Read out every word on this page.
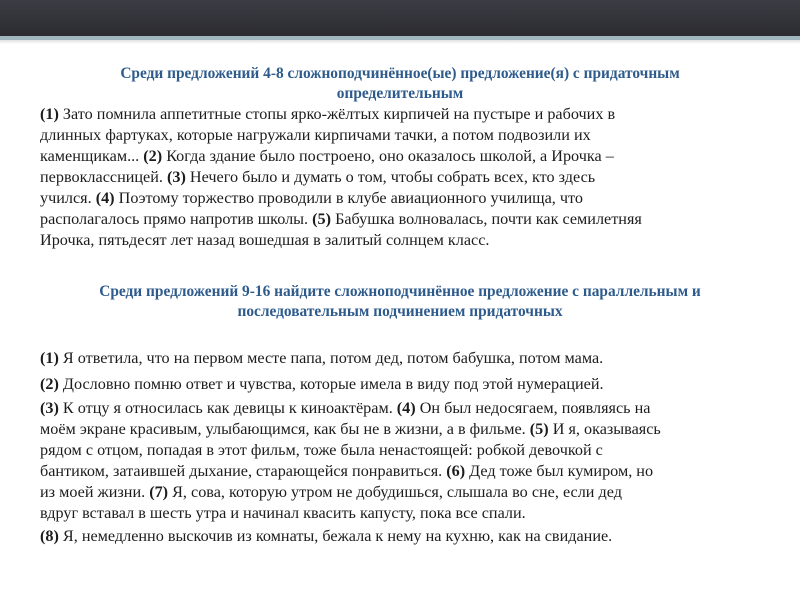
Среди предложений 4-8 сложноподчинённое(ые) предложение(я) с придаточным
определительным
(1) Зато помнила аппетитные стопы ярко-жёлтых кирпичей на пустыре и рабочих в
длинных фартуках, которые нагружали кирпичами тачки, а потом подвозили их
каменщикам... (2) Когда здание было построено, оно оказалось школой, а Ирочка –
первоклассницей. (3) Нечего было и думать о том, чтобы собрать всех, кто здесь
учился. (4) Поэтому торжество проводили в клубе авиационного училища, что
располагалось прямо напротив школы. (5) Бабушка волновалась, почти как семилетняя
Ирочка, пятьдесят лет назад вошедшая в залитый солнцем класс.
Среди предложений 9-16 найдите сложноподчинённое предложение с параллельным и
последовательным подчинением придаточных
(1) Я ответила, что на первом месте папа, потом дед, потом бабушка, потом мама.
(2) Дословно помню ответ и чувства, которые имела в виду под этой нумерацией.
(3) К отцу я относилась как девицы к киноактёрам. (4) Он был недосягаем, появляясь на
моём экране красивым, улыбающимся, как бы не в жизни, а в фильме. (5) И я, оказываясь
рядом с отцом, попадая в этот фильм, тоже была ненастоящей: робкой девочкой с
бантиком, затаившей дыхание, старающейся понравиться. (6) Дед тоже был кумиром, но
из моей жизни. (7) Я, сова, которую утром не добудишься, слышала во сне, если дед
вдруг вставал в шесть утра и начинал квасить капусту, пока все спали.
(8) Я, немедленно выскочив из комнаты, бежала к нему на кухню, как на свидание.
